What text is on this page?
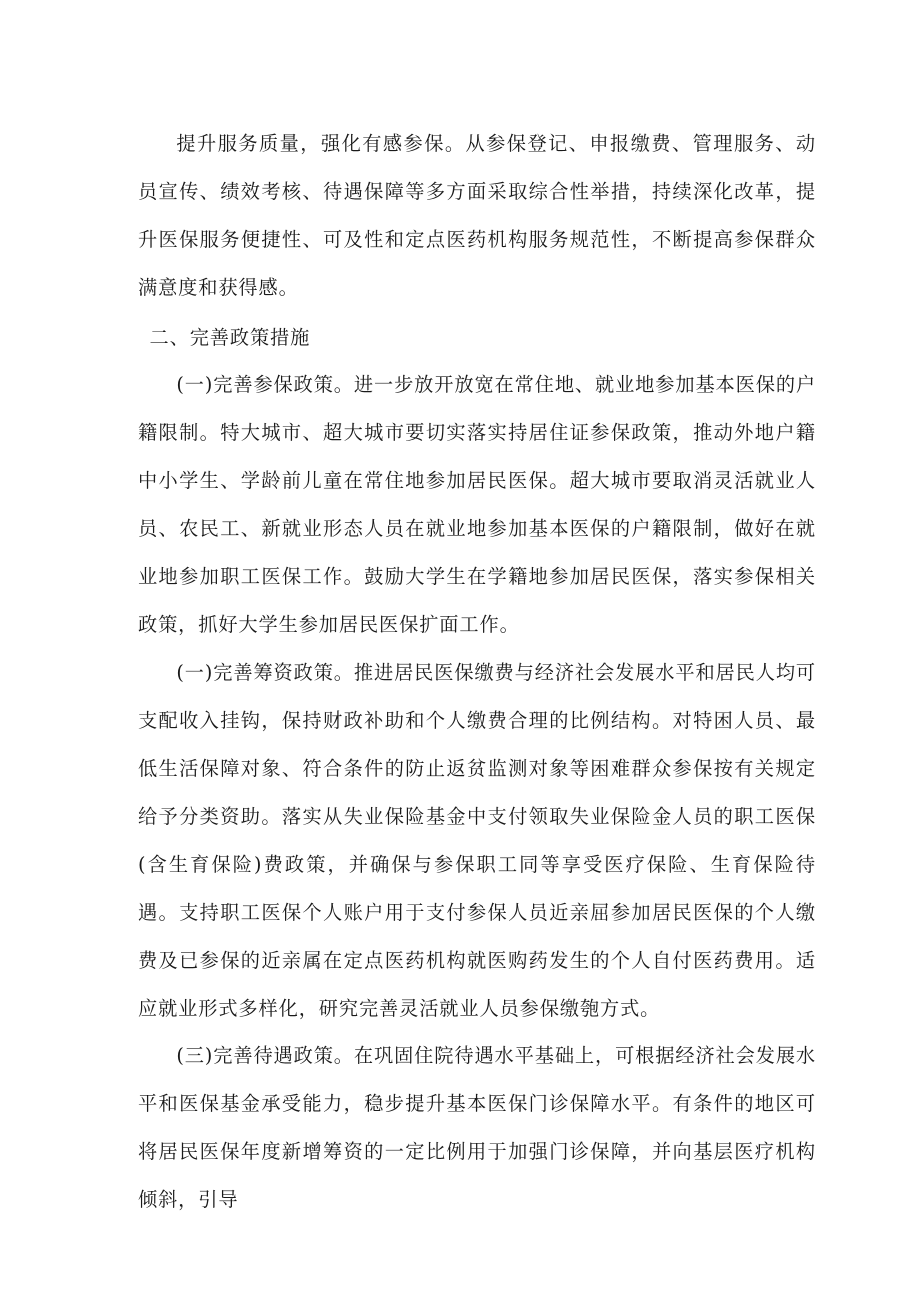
提升服务质量，强化有感参保。从参保登记、申报缴费、管理服务、动员宣传、绩效考核、待遇保障等多方面采取综合性举措，持续深化改革，提升医保服务便捷性、可及性和定点医药机构服务规范性，不断提高参保群众满意度和获得感。

二、完善政策措施

(一)完善参保政策。进一步放开放宽在常住地、就业地参加基本医保的户籍限制。特大城市、超大城市要切实落实持居住证参保政策，推动外地户籍中小学生、学龄前儿童在常住地参加居民医保。超大城市要取消灵活就业人员、农民工、新就业形态人员在就业地参加基本医保的户籍限制，做好在就业地参加职工医保工作。鼓励大学生在学籍地参加居民医保，落实参保相关政策，抓好大学生参加居民医保扩面工作。

(一)完善筹资政策。推进居民医保缴费与经济社会发展水平和居民人均可支配收入挂钩，保持财政补助和个人缴费合理的比例结构。对特困人员、最低生活保障对象、符合条件的防止返贫监测对象等困难群众参保按有关规定给予分类资助。落实从失业保险基金中支付领取失业保险金人员的职工医保(含生育保险)费政策，并确保与参保职工同等享受医疗保险、生育保险待遇。支持职工医保个人账户用于支付参保人员近亲屈参加居民医保的个人缴费及已参保的近亲属在定点医药机构就医购药发生的个人自付医药费用。适应就业形式多样化，研究完善灵活就业人员参保缴匏方式。

(三)完善待遇政策。在巩固住院待遇水平基础上，可根据经济社会发展水平和医保基金承受能力，稳步提升基本医保门诊保障水平。有条件的地区可将居民医保年度新增筹资的一定比例用于加强门诊保障，并向基层医疗机构倾斜，引导
